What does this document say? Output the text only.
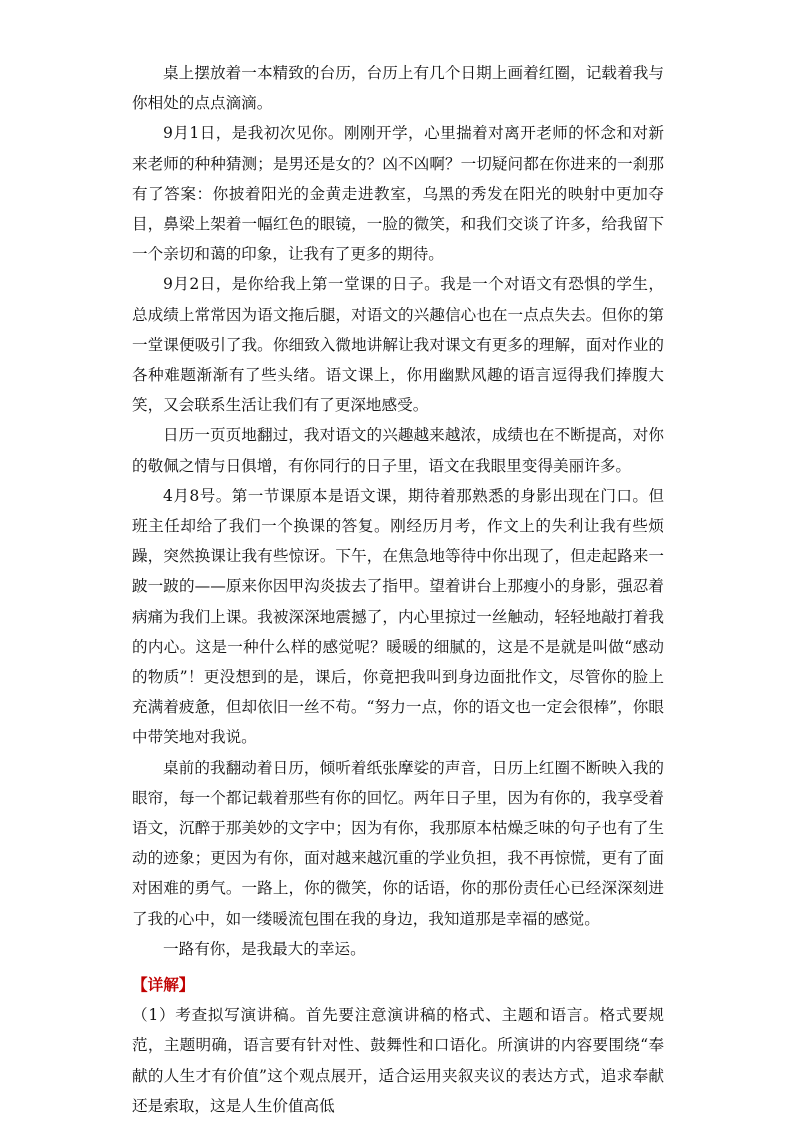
桌上摆放着一本精致的台历，台历上有几个日期上画着红圈，记载着我与你相处的点点滴滴。

9月1日，是我初次见你。刚刚开学，心里揣着对离开老师的怀念和对新来老师的种种猜测；是男还是女的？凶不凶啊？一切疑问都在你进来的一刹那有了答案：你披着阳光的金黄走进教室，乌黑的秀发在阳光的映射中更加夺目，鼻梁上架着一幅红色的眼镜，一脸的微笑，和我们交谈了许多，给我留下一个亲切和蔼的印象，让我有了更多的期待。

9月2日，是你给我上第一堂课的日子。我是一个对语文有恐惧的学生，总成绩上常常因为语文拖后腿，对语文的兴趣信心也在一点点失去。但你的第一堂课便吸引了我。你细致入微地讲解让我对课文有更多的理解，面对作业的各种难题渐渐有了些头绪。语文课上，你用幽默风趣的语言逗得我们捧腹大笑，又会联系生活让我们有了更深地感受。

日历一页页地翻过，我对语文的兴趣越来越浓，成绩也在不断提高，对你的敬佩之情与日俱增，有你同行的日子里，语文在我眼里变得美丽许多。

4月8号。第一节课原本是语文课，期待着那熟悉的身影出现在门口。但班主任却给了我们一个换课的答复。刚经历月考，作文上的失利让我有些烦躁，突然换课让我有些惊讶。下午，在焦急地等待中你出现了，但走起路来一跛一跛的——原来你因甲沟炎拔去了指甲。望着讲台上那瘦小的身影，强忍着病痛为我们上课。我被深深地震撼了，内心里掠过一丝触动，轻轻地敲打着我的内心。这是一种什么样的感觉呢？暖暖的细腻的，这是不是就是叫做“感动的物质”！更没想到的是，课后，你竟把我叫到身边面批作文，尽管你的脸上充满着疲惫，但却依旧一丝不苟。“努力一点，你的语文也一定会很棒”，你眼中带笑地对我说。

桌前的我翻动着日历，倾听着纸张摩娑的声音，日历上红圈不断映入我的眼帘，每一个都记载着那些有你的回忆。两年日子里，因为有你的，我享受着语文，沉醉于那美妙的文字中；因为有你，我那原本枯燥乏味的句子也有了生动的迹象；更因为有你，面对越来越沉重的学业负担，我不再惊慌，更有了面对困难的勇气。一路上，你的微笑，你的话语，你的那份责任心已经深深刻进了我的心中，如一缕暖流包围在我的身边，我知道那是幸福的感觉。

一路有你，是我最大的幸运。

【详解】

（1）考查拟写演讲稿。首先要注意演讲稿的格式、主题和语言。格式要规范，主题明确，语言要有针对性、鼓舞性和口语化。所演讲的内容要围绕“奉献的人生才有价值”这个观点展开，适合运用夹叙夹议的表达方式，追求奉献还是索取，这是人生价值高低
